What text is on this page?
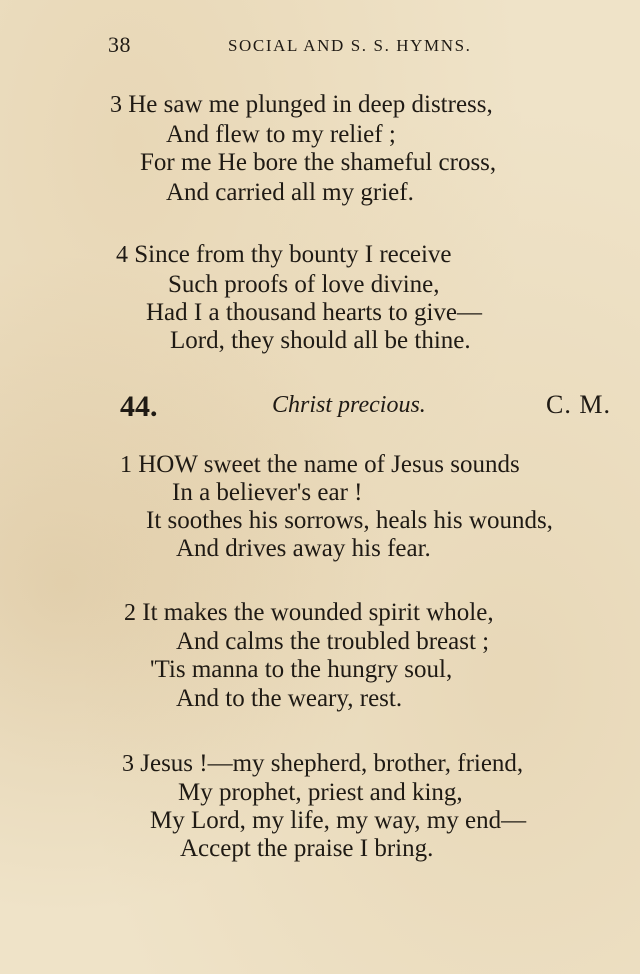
38	SOCIAL AND S. S. HYMNS.
3 He saw me plunged in deep distress,
And flew to my relief ;
For me He bore the shameful cross,
And carried all my grief.
4 Since from thy bounty I receive
Such proofs of love divine,
Had I a thousand hearts to give—
Lord, they should all be thine.
44.	Christ precious.	C. M.
1 HOW sweet the name of Jesus sounds
In a believer's ear !
It soothes his sorrows, heals his wounds,
And drives away his fear.
2 It makes the wounded spirit whole,
And calms the troubled breast ;
'Tis manna to the hungry soul,
And to the weary, rest.
3 Jesus !—my shepherd, brother, friend,
My prophet, priest and king,
My Lord, my life, my way, my end—
Accept the praise I bring.
